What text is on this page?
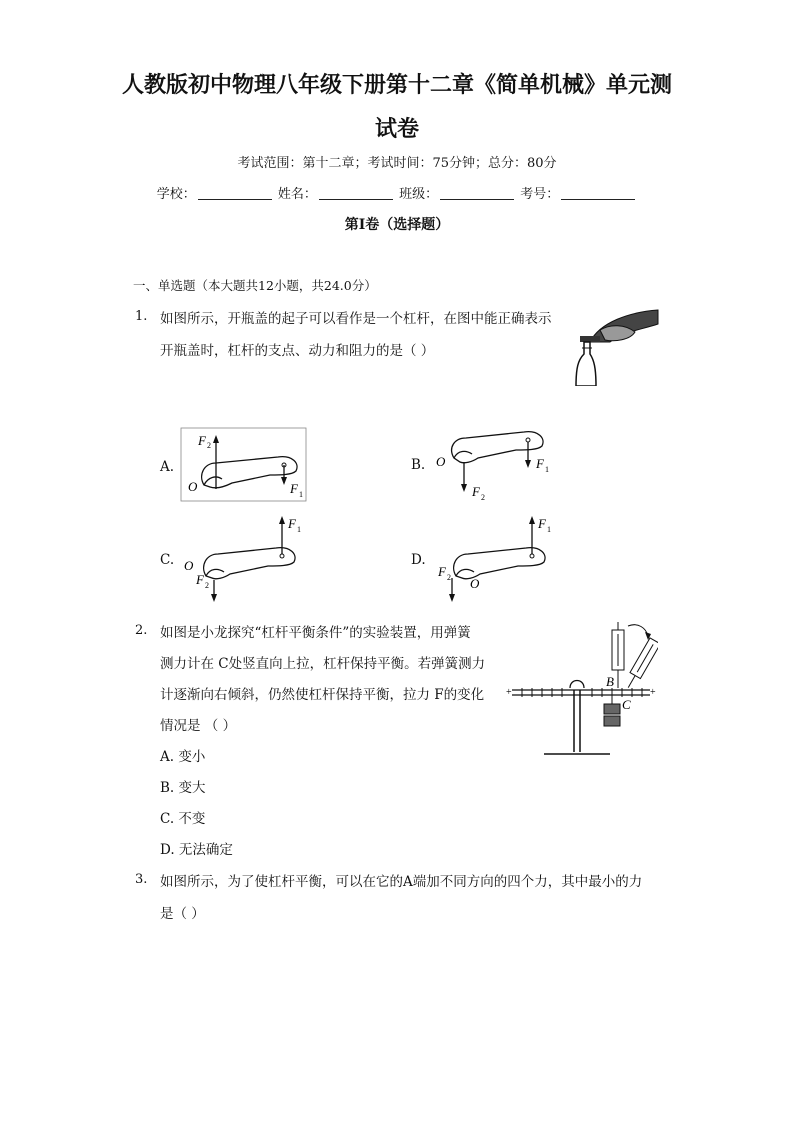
人教版初中物理八年级下册第十二章《简单机械》单元测
试卷
考试范围：第十二章；考试时间：75分钟；总分：80分
学校：	姓名：	班级：	考号：
第Ⅰ卷（选择题）
一、单选题（本大题共12小题，共24.0分）
1. 如图所示，开瓶盖的起子可以看作是一个杠杆，在图中能正确表示
开瓶盖时，杠杆的支点、动力和阻力的是（ ）
A.
F 2
O	F 1
B. O	F 1
F 2
C. O
F 1
F 2
D.
O
F 1
F 2
2. 如图是小龙探究“杠杆平衡条件”的实验装置，用弹簧
测力计在 C处竖直向上拉，杠杆保持平衡。若弹簧测力
计逐渐向右倾斜，仍然使杠杆保持平衡，拉力 F的变化
情况是 （ ）
A. 变小
B. 变大
C. 不变
D. 无法确定
+	+
B
C
3. 如图所示，为了使杠杆平衡，可以在它的A端加不同方向的四个力，其中最小的力
是（ ）
